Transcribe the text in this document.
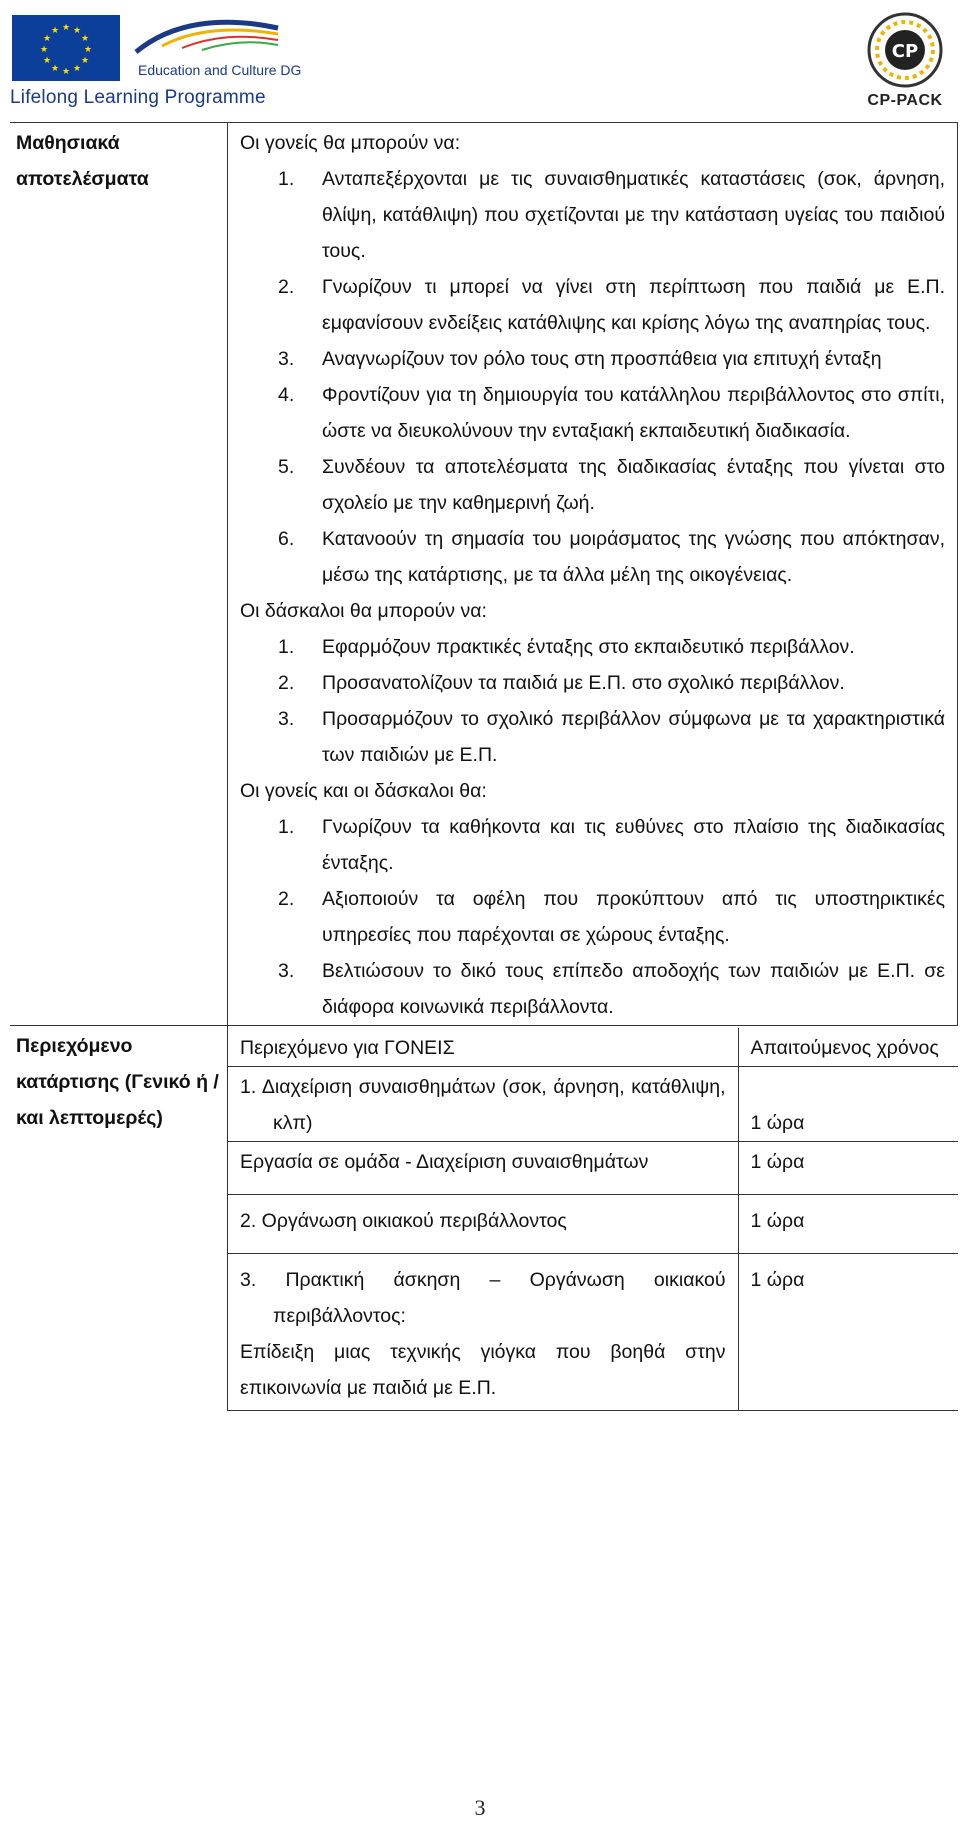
★ ★
★
★
★
★
★
★
★
★
★
★
Education and Culture DG
Lifelong Learning Programme
CP
CP-PACK
Μαθησιακά αποτελέσματα	
Οι γονείς θα μπορούν να:
1. Ανταπεξέρχονται με τις συναισθηματικές καταστάσεις (σοκ, άρνηση, θλίψη, κατάθλιψη) που σχετίζονται με την κατάσταση υγείας του παιδιού τους.
2. Γνωρίζουν τι μπορεί να γίνει στη περίπτωση που παιδιά με Ε.Π. εμφανίσουν ενδείξεις κατάθλιψης και κρίσης λόγω της αναπηρίας τους.
3. Αναγνωρίζουν τον ρόλο τους στη προσπάθεια για επιτυχή ένταξη
4. Φροντίζουν για τη δημιουργία του κατάλληλου περιβάλλοντος στο σπίτι, ώστε να διευκολύνουν την ενταξιακή εκπαιδευτική διαδικασία.
5. Συνδέουν τα αποτελέσματα της διαδικασίας ένταξης που γίνεται στο σχολείο με την καθημερινή ζωή.
6. Κατανοούν τη σημασία του μοιράσματος της γνώσης που απόκτησαν, μέσω της κατάρτισης, με τα άλλα μέλη της οικογένειας.
Οι δάσκαλοι θα μπορούν να:
1. Εφαρμόζουν πρακτικές ένταξης στο εκπαιδευτικό περιβάλλον.
2. Προσανατολίζουν τα παιδιά με Ε.Π. στο σχολικό περιβάλλον.
3. Προσαρμόζουν το σχολικό περιβάλλον σύμφωνα με τα χαρακτηριστικά των παιδιών με Ε.Π.
Οι γονείς και οι δάσκαλοι θα:
1. Γνωρίζουν τα καθήκοντα και τις ευθύνες στο πλαίσιο της διαδικασίας ένταξης.
2. Αξιοποιούν τα οφέλη που προκύπτουν από τις υποστηρικτικές υπηρεσίες που παρέχονται σε χώρους ένταξης.
3. Βελτιώσουν το δικό τους επίπεδο αποδοχής των παιδιών με Ε.Π. σε διάφορα κοινωνικά περιβάλλοντα.

Περιεχόμενο κατάρτισης (Γενικό ή / και λεπτομερές)	
Περιεχόμενο για ΓΟΝΕΙΣ	Απαιτούμενος χρόνος

1. Διαχείριση συναισθημάτων (σοκ, άρνηση, κατάθλιψη, κλπ)	1 ώρα

Εργασία σε ομάδα - Διαχείριση συναισθημάτων	1 ώρα
2. Οργάνωση οικιακού περιβάλλοντος	1 ώρα

3. Πρακτική άσκηση – Οργάνωση οικιακού περιβάλλοντος:
Επίδειξη μιας τεχνικής γιόγκα που βοηθά στην επικοινωνία με παιδιά με Ε.Π.
	1 ώρα
3
